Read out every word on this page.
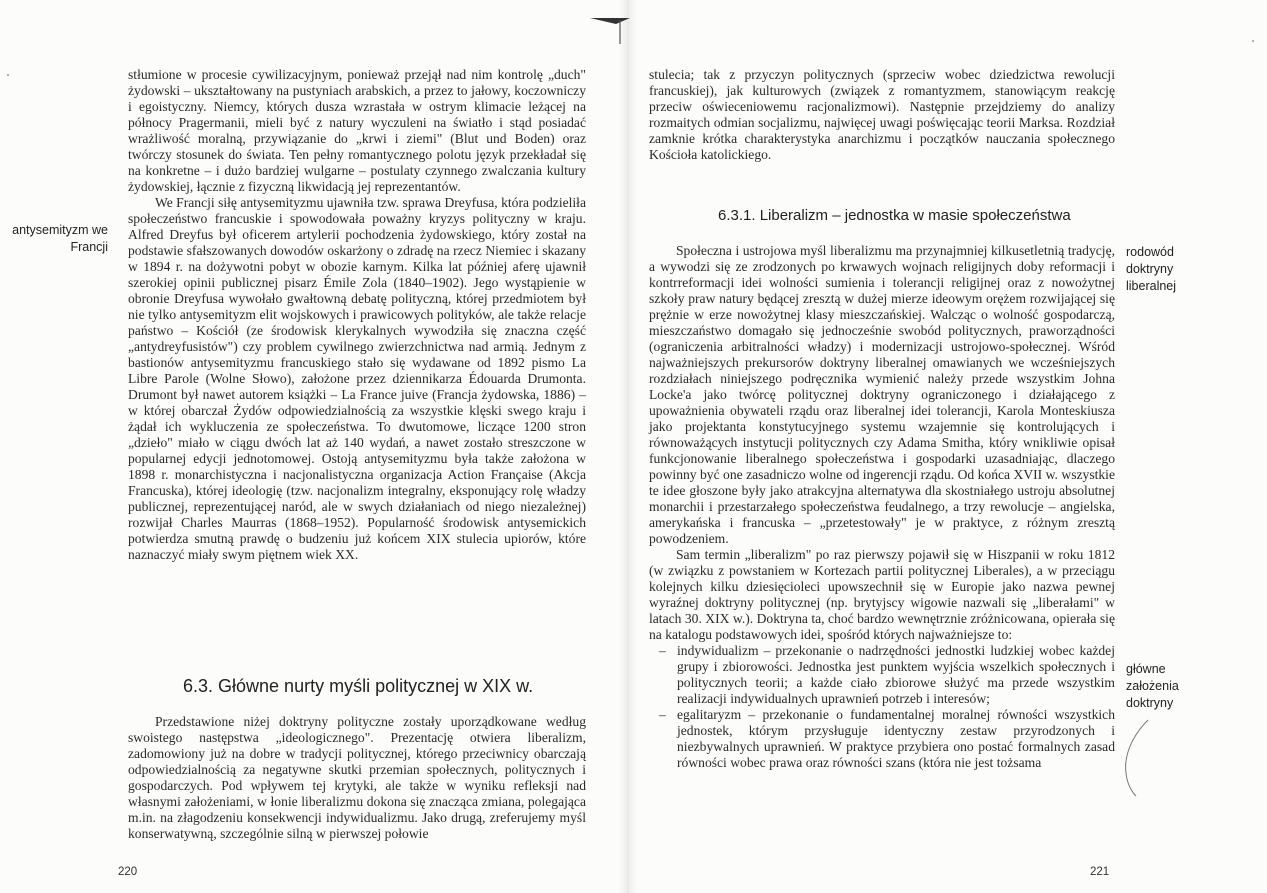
antysemityzm we Francji

stłumione w procesie cywilizacyjnym, ponieważ przejął nad nim kontrolę „duch" żydowski – ukształtowany na pustyniach arabskich, a przez to jałowy, koczowniczy i egoistyczny. Niemcy, których dusza wzrastała w ostrym klimacie leżącej na północy Pragermanii, mieli być z natury wyczuleni na światło i stąd posiadać wrażliwość moralną, przywiązanie do „krwi i ziemi" (Blut und Boden) oraz twórczy stosunek do świata. Ten pełny romantycznego polotu język przekładał się na konkretne – i dużo bardziej wulgarne – postulaty czynnego zwalczania kultury żydowskiej, łącznie z fizyczną likwidacją jej reprezentantów.

We Francji siłę antysemityzmu ujawniła tzw. sprawa Dreyfusa, która podzieliła społeczeństwo francuskie i spowodowała poważny kryzys polityczny w kraju. Alfred Dreyfus był oficerem artylerii pochodzenia żydowskiego, który został na podstawie sfałszowanych dowodów oskarżony o zdradę na rzecz Niemiec i skazany w 1894 r. na dożywotni pobyt w obozie karnym. Kilka lat później aferę ujawnił szerokiej opinii publicznej pisarz Émile Zola (1840–1902). Jego wystąpienie w obronie Dreyfusa wywołało gwałtowną debatę polityczną, której przedmiotem był nie tylko antysemityzm elit wojskowych i prawicowych polityków, ale także relacje państwo – Kościół (ze środowisk klerykalnych wywodziła się znaczna część „antydreyfusistów") czy problem cywilnego zwierzchnictwa nad armią. Jednym z bastionów antysemityzmu francuskiego stało się wydawane od 1892 pismo La Libre Parole (Wolne Słowo), założone przez dziennikarza Édouarda Drumonta. Drumont był nawet autorem książki – La France juive (Francja żydowska, 1886) – w której obarczał Żydów odpowiedzialnością za wszystkie klęski swego kraju i żądał ich wykluczenia ze społeczeństwa. To dwutomowe, liczące 1200 stron „dzieło" miało w ciągu dwóch lat aż 140 wydań, a nawet zostało streszczone w popularnej edycji jednotomowej. Ostoją antysemityzmu była także założona w 1898 r. monarchistyczna i nacjonalistyczna organizacja Action Française (Akcja Francuska), której ideologię (tzw. nacjonalizm integralny, eksponujący rolę władzy publicznej, reprezentującej naród, ale w swych działaniach od niego niezależnej) rozwijał Charles Maurras (1868–1952). Popularność środowisk antysemickich potwierdza smutną prawdę o budzeniu już końcem XIX stulecia upiorów, które naznaczyć miały swym piętnem wiek XX.

6.3. Główne nurty myśli politycznej w XIX w.

Przedstawione niżej doktryny polityczne zostały uporządkowane według swoistego następstwa „ideologicznego". Prezentację otwiera liberalizm, zadomowiony już na dobre w tradycji politycznej, którego przeciwnicy obarczają odpowiedzialnością za negatywne skutki przemian społecznych, politycznych i gospodarczych. Pod wpływem tej krytyki, ale także w wyniku refleksji nad własnymi założeniami, w łonie liberalizmu dokona się znacząca zmiana, polegająca m.in. na złagodzeniu konsekwencji indywidualizmu. Jako drugą, zreferujemy myśl konserwatywną, szczególnie silną w pierwszej połowie

220

stulecia; tak z przyczyn politycznych (sprzeciw wobec dziedzictwa rewolucji francuskiej), jak kulturowych (związek z romantyzmem, stanowiącym reakcję przeciw oświeceniowemu racjonalizmowi). Następnie przejdziemy do analizy rozmaitych odmian socjalizmu, najwięcej uwagi poświęcając teorii Marksa. Rozdział zamknie krótka charakterystyka anarchizmu i początków nauczania społecznego Kościoła katolickiego.

6.3.1. Liberalizm – jednostka w masie społeczeństwa
rodowód doktryny liberalnej

Społeczna i ustrojowa myśl liberalizmu ma przynajmniej kilkusetletnią tradycję, a wywodzi się ze zrodzonych po krwawych wojnach religijnych doby reformacji i kontrreformacji idei wolności sumienia i tolerancji religijnej oraz z nowożytnej szkoły praw natury będącej zresztą w dużej mierze ideowym orężem rozwijającej się prężnie w erze nowożytnej klasy mieszczańskiej. Walcząc o wolność gospodarczą, mieszczaństwo domagało się jednocześnie swobód politycznych, praworządności (ograniczenia arbitralności władzy) i modernizacji ustrojowo-społecznej. Wśród najważniejszych prekursorów doktryny liberalnej omawianych we wcześniejszych rozdziałach niniejszego podręcznika wymienić należy przede wszystkim Johna Locke'a jako twórcę politycznej doktryny ograniczonego i działającego z upoważnienia obywateli rządu oraz liberalnej idei tolerancji, Karola Monteskiusza jako projektanta konstytucyjnego systemu wzajemnie się kontrolujących i równoważących instytucji politycznych czy Adama Smitha, który wnikliwie opisał funkcjonowanie liberalnego społeczeństwa i gospodarki uzasadniając, dlaczego powinny być one zasadniczo wolne od ingerencji rządu. Od końca XVII w. wszystkie te idee głoszone były jako atrakcyjna alternatywa dla skostniałego ustroju absolutnej monarchii i przestarzałego społeczeństwa feudalnego, a trzy rewolucje – angielska, amerykańska i francuska – „przetestowały" je w praktyce, z różnym zresztą powodzeniem.

Sam termin „liberalizm" po raz pierwszy pojawił się w Hiszpanii w roku 1812 (w związku z powstaniem w Kortezach partii politycznej Liberales), a w przeciągu kolejnych kilku dziesięcioleci upowszechnił się w Europie jako nazwa pewnej wyraźnej doktryny politycznej (np. brytyjscy wigowie nazwali się „liberałami" w latach 30. XIX w.). Doktryna ta, choć bardzo wewnętrznie zróżnicowana, opierała się na katalogu podstawowych idei, spośród których najważniejsze to:

– indywidualizm – przekonanie o nadrzędności jednostki ludzkiej wobec każdej grupy i zbiorowości. Jednostka jest punktem wyjścia wszelkich społecznych i politycznych teorii; a każde ciało zbiorowe służyć ma przede wszystkim realizacji indywidualnych uprawnień potrzeb i interesów;
– egalitaryzm – przekonanie o fundamentalnej moralnej równości wszystkich jednostek, którym przysługuje identyczny zestaw przyrodzonych i niezbywalnych uprawnień. W praktyce przybiera ono postać formalnych zasad równości wobec prawa oraz równości szans (która nie jest tożsama
główne założenia doktryny
221
